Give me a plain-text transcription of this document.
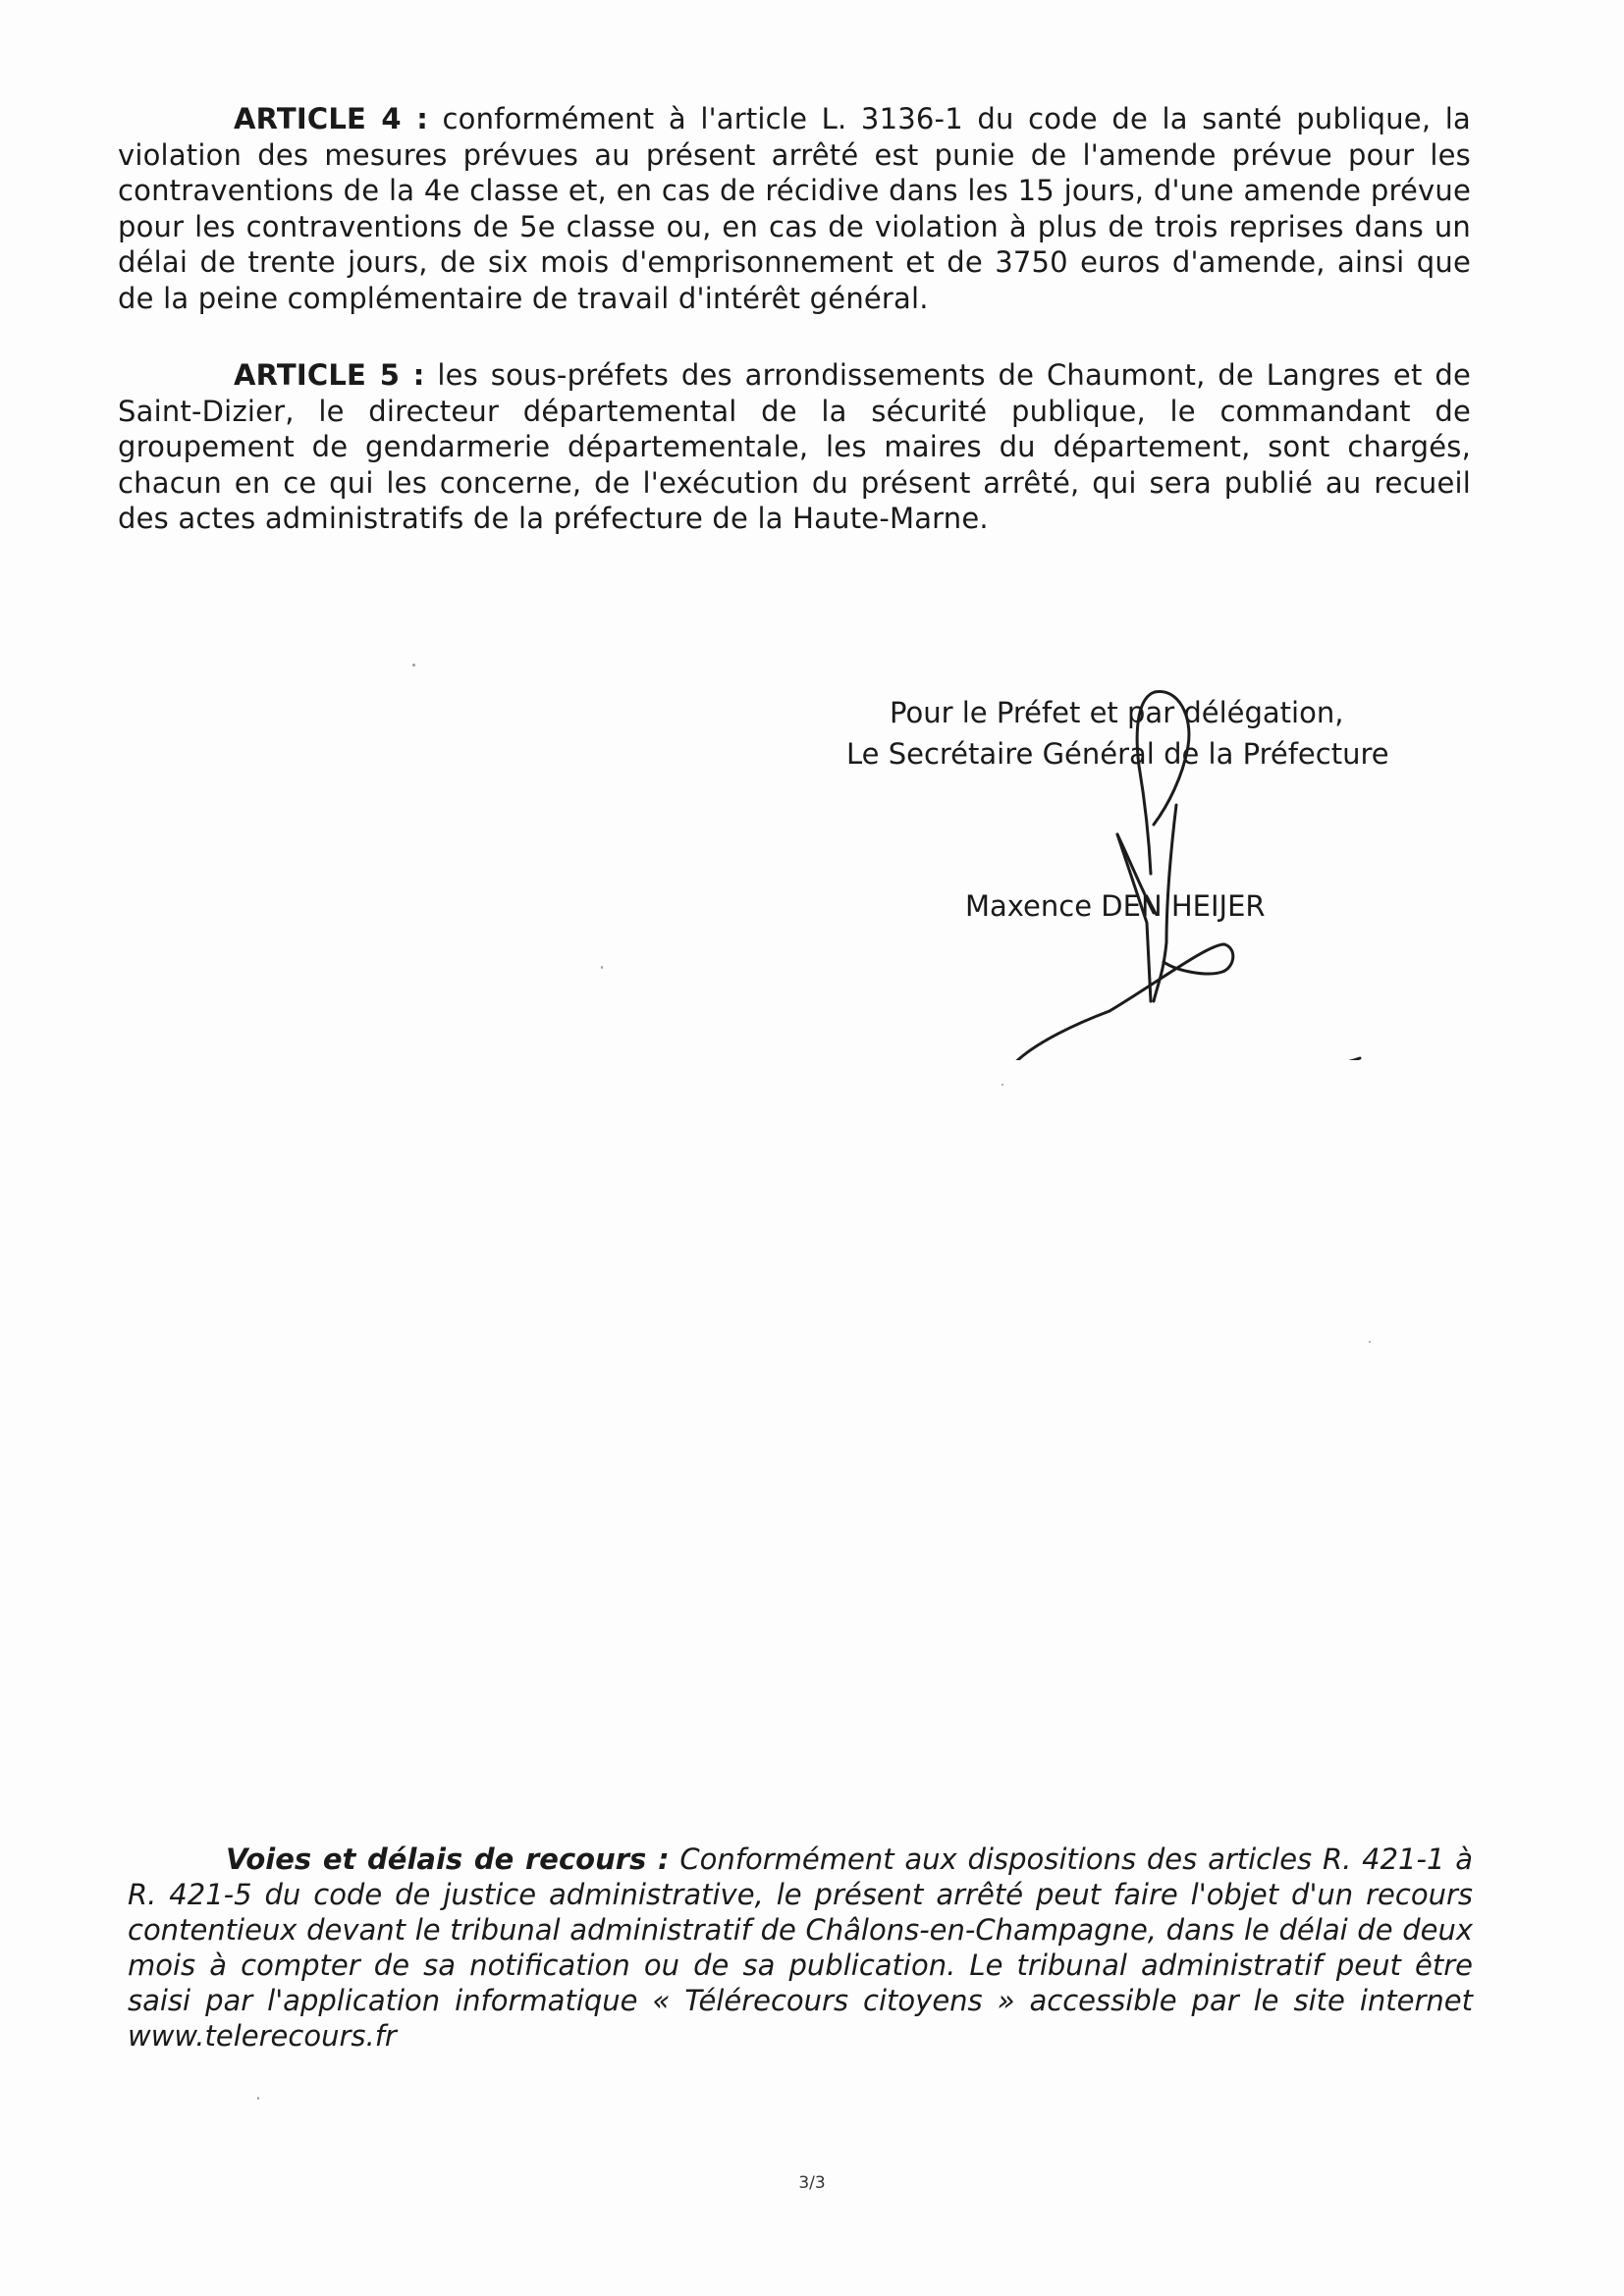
ARTICLE 4 : conformément à l'article L. 3136-1 du code de la santé publique, la violation des mesures prévues au présent arrêté est punie de l'amende prévue pour les contraventions de la 4e classe et, en cas de récidive dans les 15 jours, d'une amende prévue pour les contraventions de 5e classe ou, en cas de violation à plus de trois reprises dans un délai de trente jours, de six mois d'emprisonnement et de 3750 euros d'amende, ainsi que de la peine complémentaire de travail d'intérêt général.

ARTICLE 5 : les sous-préfets des arrondissements de Chaumont, de Langres et de Saint-Dizier, le directeur départemental de la sécurité publique, le commandant de groupement de gendarmerie départementale, les maires du département, sont chargés, chacun en ce qui les concerne, de l'exécution du présent arrêté, qui sera publié au recueil des actes administratifs de la préfecture de la Haute-Marne.

Pour le Préfet et par délégation,
Le Secrétaire Général de la Préfecture
Maxence DEN HEIJER

Voies et délais de recours : Conformément aux dispositions des articles R. 421-1 à R. 421-5 du code de justice administrative, le présent arrêté peut faire l'objet d'un recours contentieux devant le tribunal administratif de Châlons-en-Champagne, dans le délai de deux mois à compter de sa notification ou de sa publication. Le tribunal administratif peut être saisi par l'application informatique « Télérecours citoyens » accessible par le site internet www.telerecours.fr

3/3
